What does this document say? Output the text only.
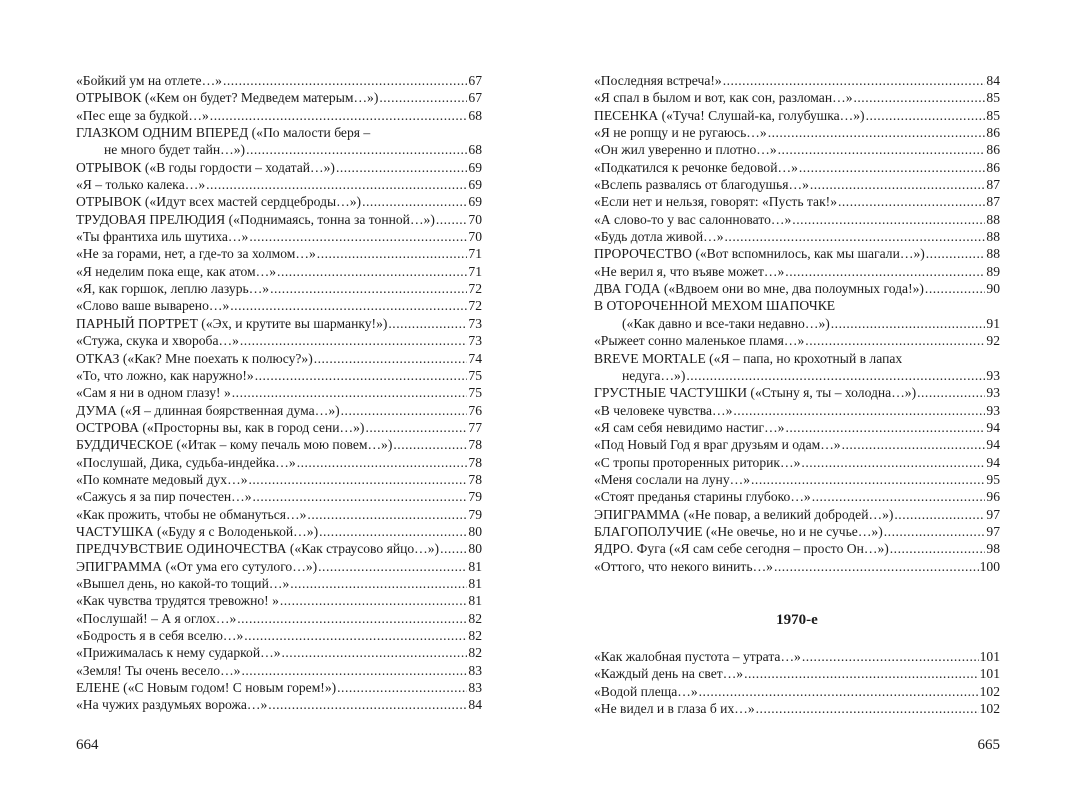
«Бойкий ум на отлете…» .....	67
ОТРЫВОК («Кем он будет? Медведем матерым…») .....	67
«Пес еще за будкой…» .....	68
ГЛАЗКОМ ОДНИМ ВПЕРЕД («По малости беря –
не много будет тайн…») .....	68
ОТРЫВОК («В годы гордости – ходатай…») .....	69
«Я – только калека…» .....	69
ОТРЫВОК («Идут всех мастей сердцеброды…») .....	69
ТРУДОВАЯ ПРЕЛЮДИЯ («Поднимаясь, тонна за тонной…») ..... 70
«Ты франтиха иль шутиха…» .....	70
«Не за горами, нет, а где-то за холмом…» .....	71
«Я неделим пока еще, как атом…» .....	71
«Я, как горшок, леплю лазурь…» .....	72
«Слово ваше выварено…» .....	72
ПАРНЫЙ ПОРТРЕТ («Эх, и крутите вы шарманку!») .....	73
«Стужа, скука и хвороба…» .....	73
ОТКАЗ («Как? Мне поехать к полюсу?») .....	74
«То, что ложно, как наружно!» .....	75
«Сам я ни в одном глазу! » .....	75
ДУМА («Я – длинная боярственная дума…») .....	76
ОСТРОВА («Просторны вы, как в город сени…») .....	77
БУДДИЧЕСКОЕ («Итак – кому печаль мою повем…») .....	78
«Послушай, Дика, судьба-индейка…» .....	78
«По комнате медовый дух…» .....	78
«Сажусь я за пир почестен…» .....	79
«Как прожить, чтобы не обмануться…» .....	79
ЧАСТУШКА («Буду я с Володенькой…») .....	80
ПРЕДЧУВСТВИЕ ОДИНОЧЕСТВА («Как страусово яйцо…») ..... 80
ЭПИГРАММА («От ума его сутулого…») .....	81
«Вышел день, но какой-то тощий…» .....	81
«Как чувства трудятся тревожно! » .....	81
«Послушай! – А я оглох…» .....	82
«Бодрость я в себя вселю…» .....	82
«Прижималась к нему сударкой…» .....	82
«Земля! Ты очень весело…» .....	83
ЕЛЕНЕ («С Новым годом! С новым горем!») .....	83
«На чужих раздумьях ворожа…» .....	84
664
«Последняя встреча!» .....	84
«Я спал в былом и вот, как сон, разломан…» .....	85
ПЕСЕНКА («Туча! Слушай-ка, голубушка…») .....	85
«Я не ропщу и не ругаюсь…» .....	86
«Он жил уверенно и плотно…» .....	86
«Подкатился к речонке бедовой…» .....	86
«Вслепь развалясь от благодушья…» .....	87
«Если нет и нельзя, говорят: «Пусть так!» .....	87
«А слово-то у вас салонновато…» .....	88
«Будь дотла живой…» .....	88
ПРОРОЧЕСТВО («Вот вспомнилось, как мы шагали…») .....	88
«Не верил я, что въяве может…» .....	89
ДВА ГОДА («Вдвоем они во мне, два полоумных года!») .....	90
В ОТОРОЧЕННОЙ МЕХОМ ШАПОЧКЕ
(«Как давно и все-таки недавно…») .....	91
«Рыжеет сонно маленькое пламя…» .....	92
BREVE MORTALE («Я – папа, но крохотный в лапах
недуга…») .....	93
ГРУСТНЫЕ ЧАСТУШКИ («Стыну я, ты – холодна…») .....	93
«В человеке чувства…» .....	93
«Я сам себя невидимо настиг…» .....	94
«Под Новый Год я враг друзьям и одам…» .....	94
«С тропы протоpенных риторик…» .....	94
«Меня сослали на луну…» .....	95
«Стоят преданья старины глубоко…» .....	96
ЭПИГРАММА («Не повар, а великий добродей…») .....	97
БЛАГОПОЛУЧИЕ («Не овечье, но и не сучье…») .....	97
ЯДРО. Фуга («Я сам себе сегодня – просто Он…») .....	98
«Оттого, что некого винить…» .....	100
1970-е
«Как жалобная пустота – утрата…» .....	101
«Каждый день на свет…» .....	101
«Водой плеща…» .....	102
«Не видел и в глаза б их…» .....	102
665
